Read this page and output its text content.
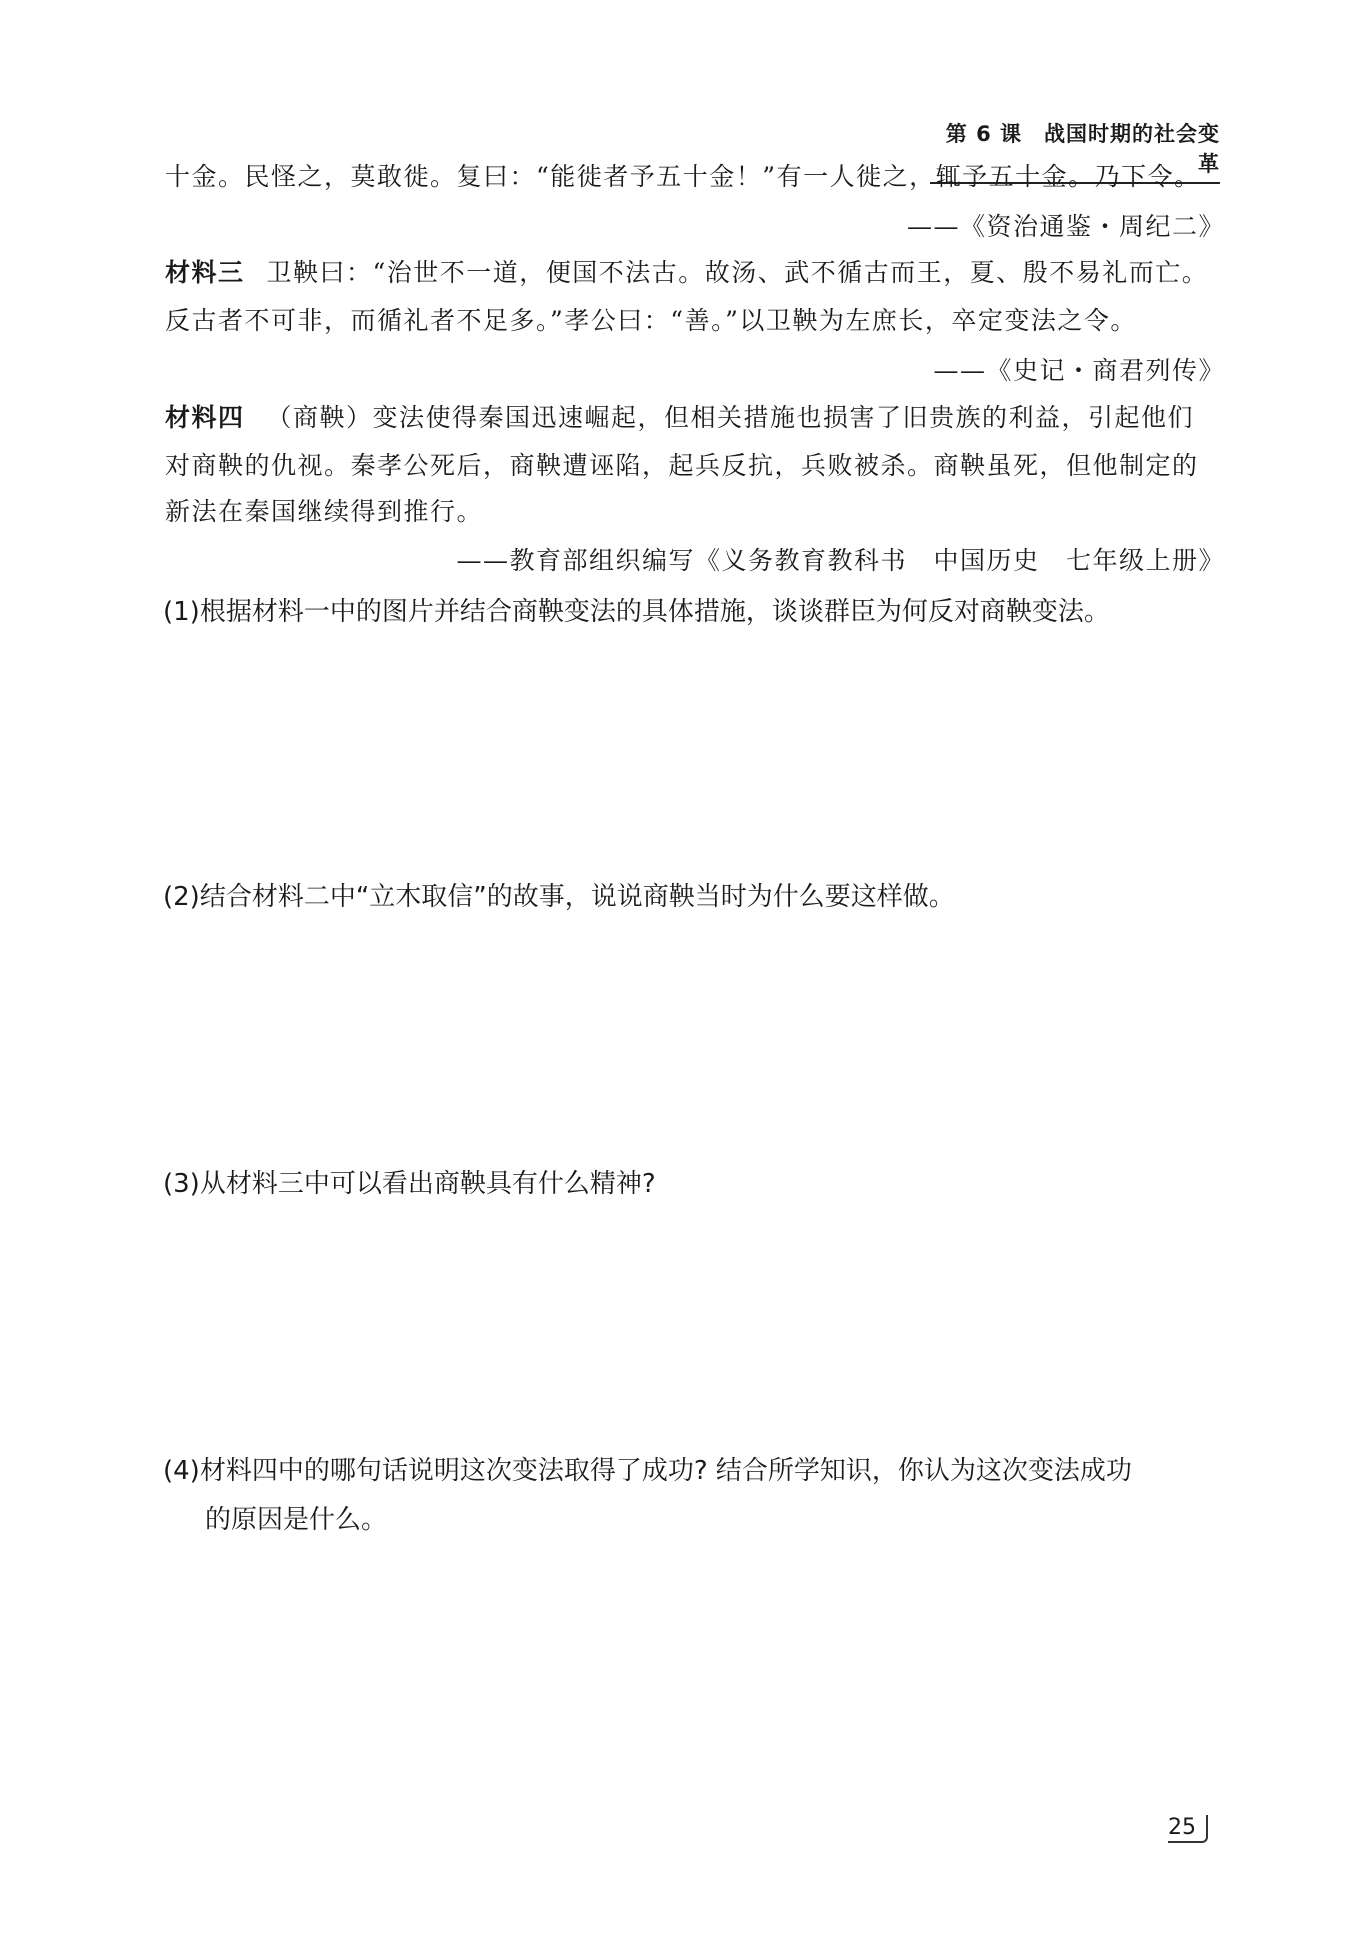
第 6 课　战国时期的社会变革
十金。民怪之，莫敢徙。复曰：“能徙者予五十金！”有一人徙之，辄予五十金。乃下令。
——《资治通鉴・周纪二》
材料三 卫鞅曰：“治世不一道，便国不法古。故汤、武不循古而王，夏、殷不易礼而亡。
反古者不可非，而循礼者不足多。”孝公曰：“善。”以卫鞅为左庶长，卒定变法之令。
——《史记・商君列传》
材料四 （商鞅）变法使得秦国迅速崛起，但相关措施也损害了旧贵族的利益，引起他们
对商鞅的仇视。秦孝公死后，商鞅遭诬陷，起兵反抗，兵败被杀。商鞅虽死，但他制定的
新法在秦国继续得到推行。
——教育部组织编写《义务教育教科书　中国历史　七年级上册》
(1)根据材料一中的图片并结合商鞅变法的具体措施，谈谈群臣为何反对商鞅变法。
(2)结合材料二中“立木取信”的故事，说说商鞅当时为什么要这样做。
(3)从材料三中可以看出商鞅具有什么精神?
(4)材料四中的哪句话说明这次变法取得了成功? 结合所学知识，你认为这次变法成功
的原因是什么。
25
